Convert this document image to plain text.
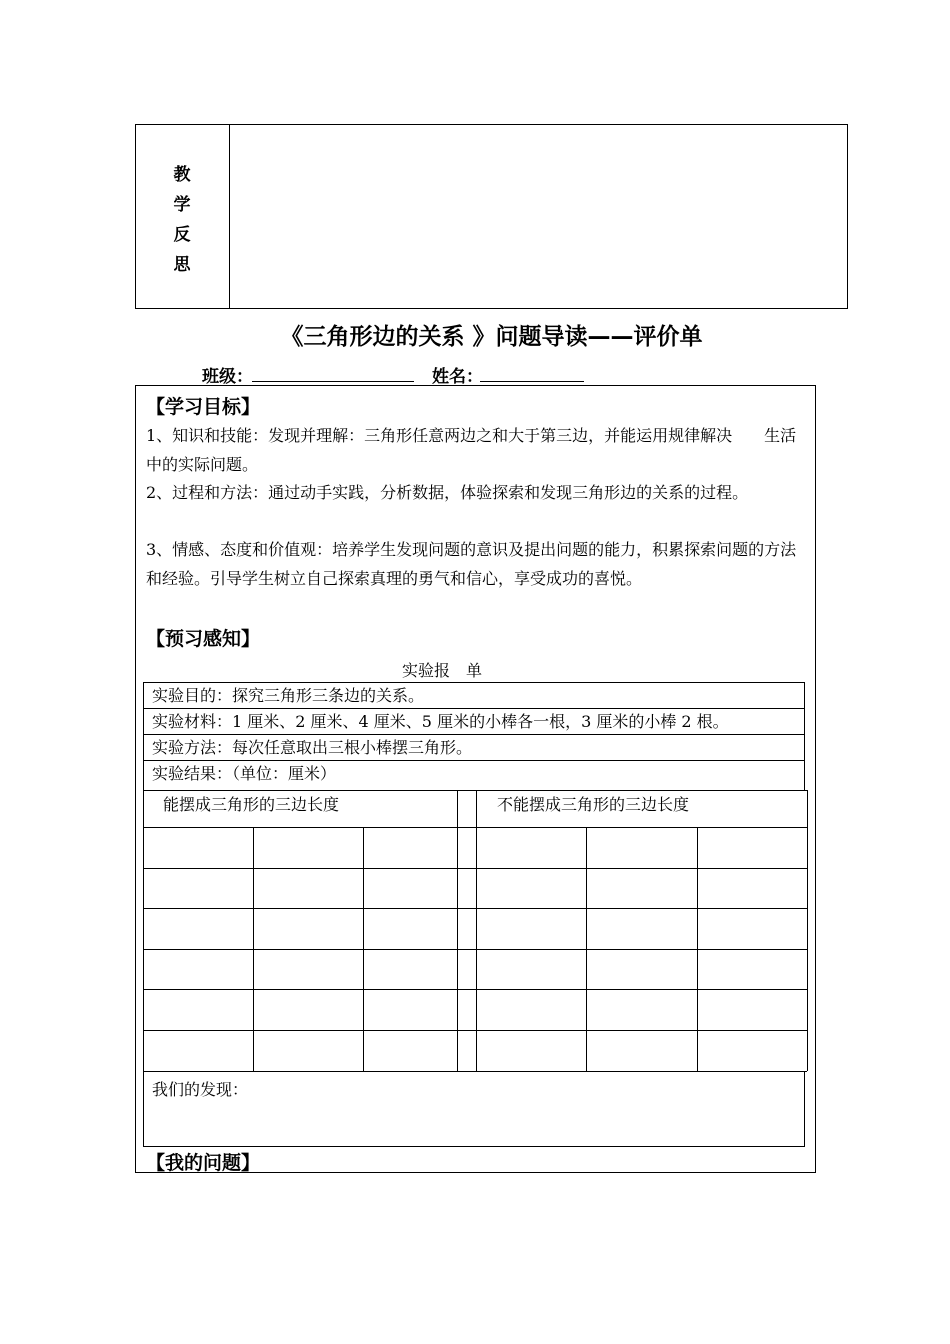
教
学
反
思
《三角形边的关系 》问题导读——评价单
班级：	姓名：
【学习目标】
1、知识和技能：发现并理解：三角形任意两边之和大于第三边，并能运用规律解决　　生活中的实际问题。
2、过程和方法：通过动手实践，分析数据，体验探索和发现三角形边的关系的过程。
3、情感、态度和价值观：培养学生发现问题的意识及提出问题的能力，积累探索问题的方法和经验。引导学生树立自己探索真理的勇气和信心，享受成功的喜悦。
【预习感知】
实验报　单
实验目的：探究三角形三条边的关系。
实验材料：1 厘米、2 厘米、4 厘米、5 厘米的小棒各一根，3 厘米的小棒 2 根。
实验方法：每次任意取出三根小棒摆三角形。
实验结果：（单位：厘米）
能摆成三角形的三边长度	不能摆成三角形的三边长度
我们的发现：
【我的问题】
